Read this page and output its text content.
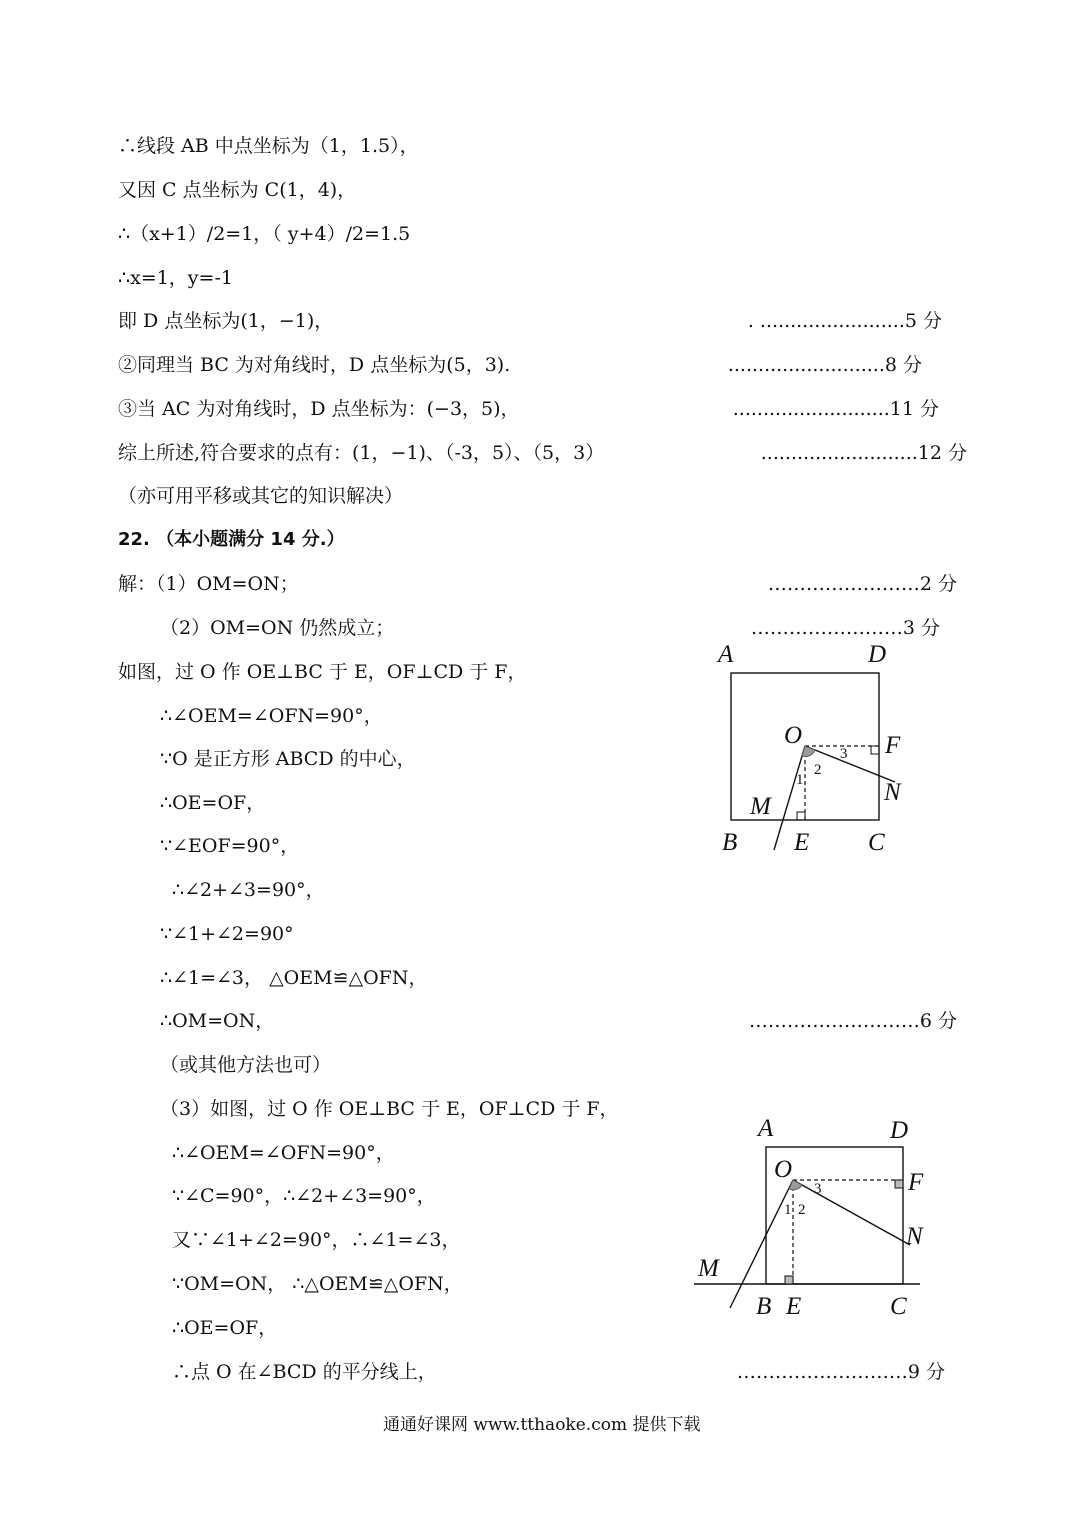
∴线段 AB 中点坐标为（1，1.5），
又因 C 点坐标为 C(1，4)，
∴（x+1）/2=1，（ y+4）/2=1.5
∴x=1，y=-1
即 D 点坐标为(1，−1)，
②同理当 BC 为对角线时，D 点坐标为(5，3).
③当 AC 为对角线时，D 点坐标为：(−3，5)，
综上所述,符合要求的点有：(1，−1)、（-3，5）、（5，3）
（亦可用平移或其它的知识解决）
22. （本小题满分 14 分.）
解：（1）OM=ON；
（2）OM=ON 仍然成立；
如图，过 O 作 OE⊥BC 于 E，OF⊥CD 于 F，
∴∠OEM=∠OFN=90°，
∵O 是正方形 ABCD 的中心，
∴OE=OF，
∵∠EOF=90°，
∴∠2+∠3=90°，
∵∠1+∠2=90°
∴∠1=∠3， △OEM≌△OFN，
∴OM=ON，
（或其他方法也可）
（3）如图，过 O 作 OE⊥BC 于 E，OF⊥CD 于 F，
∴∠OEM=∠OFN=90°，
∵∠C=90°，∴∠2+∠3=90°，
又∵∠1+∠2=90°，∴∠1=∠3，
∵OM=ON， ∴△OEM≌△OFN，
∴OE=OF，
∴点 O 在∠BCD 的平分线上，
. ........................5 分
..........................8 分
..........................11 分
..........................12 分
……………………2 分
……………………3 分
………………………6 分
………………………9 分
A	D
O	F
N
M
B E C
1
2
3
A	D
O	F
N
M
B E	C
1 2
3
通通好课网 www.tthaoke.com 提供下载
